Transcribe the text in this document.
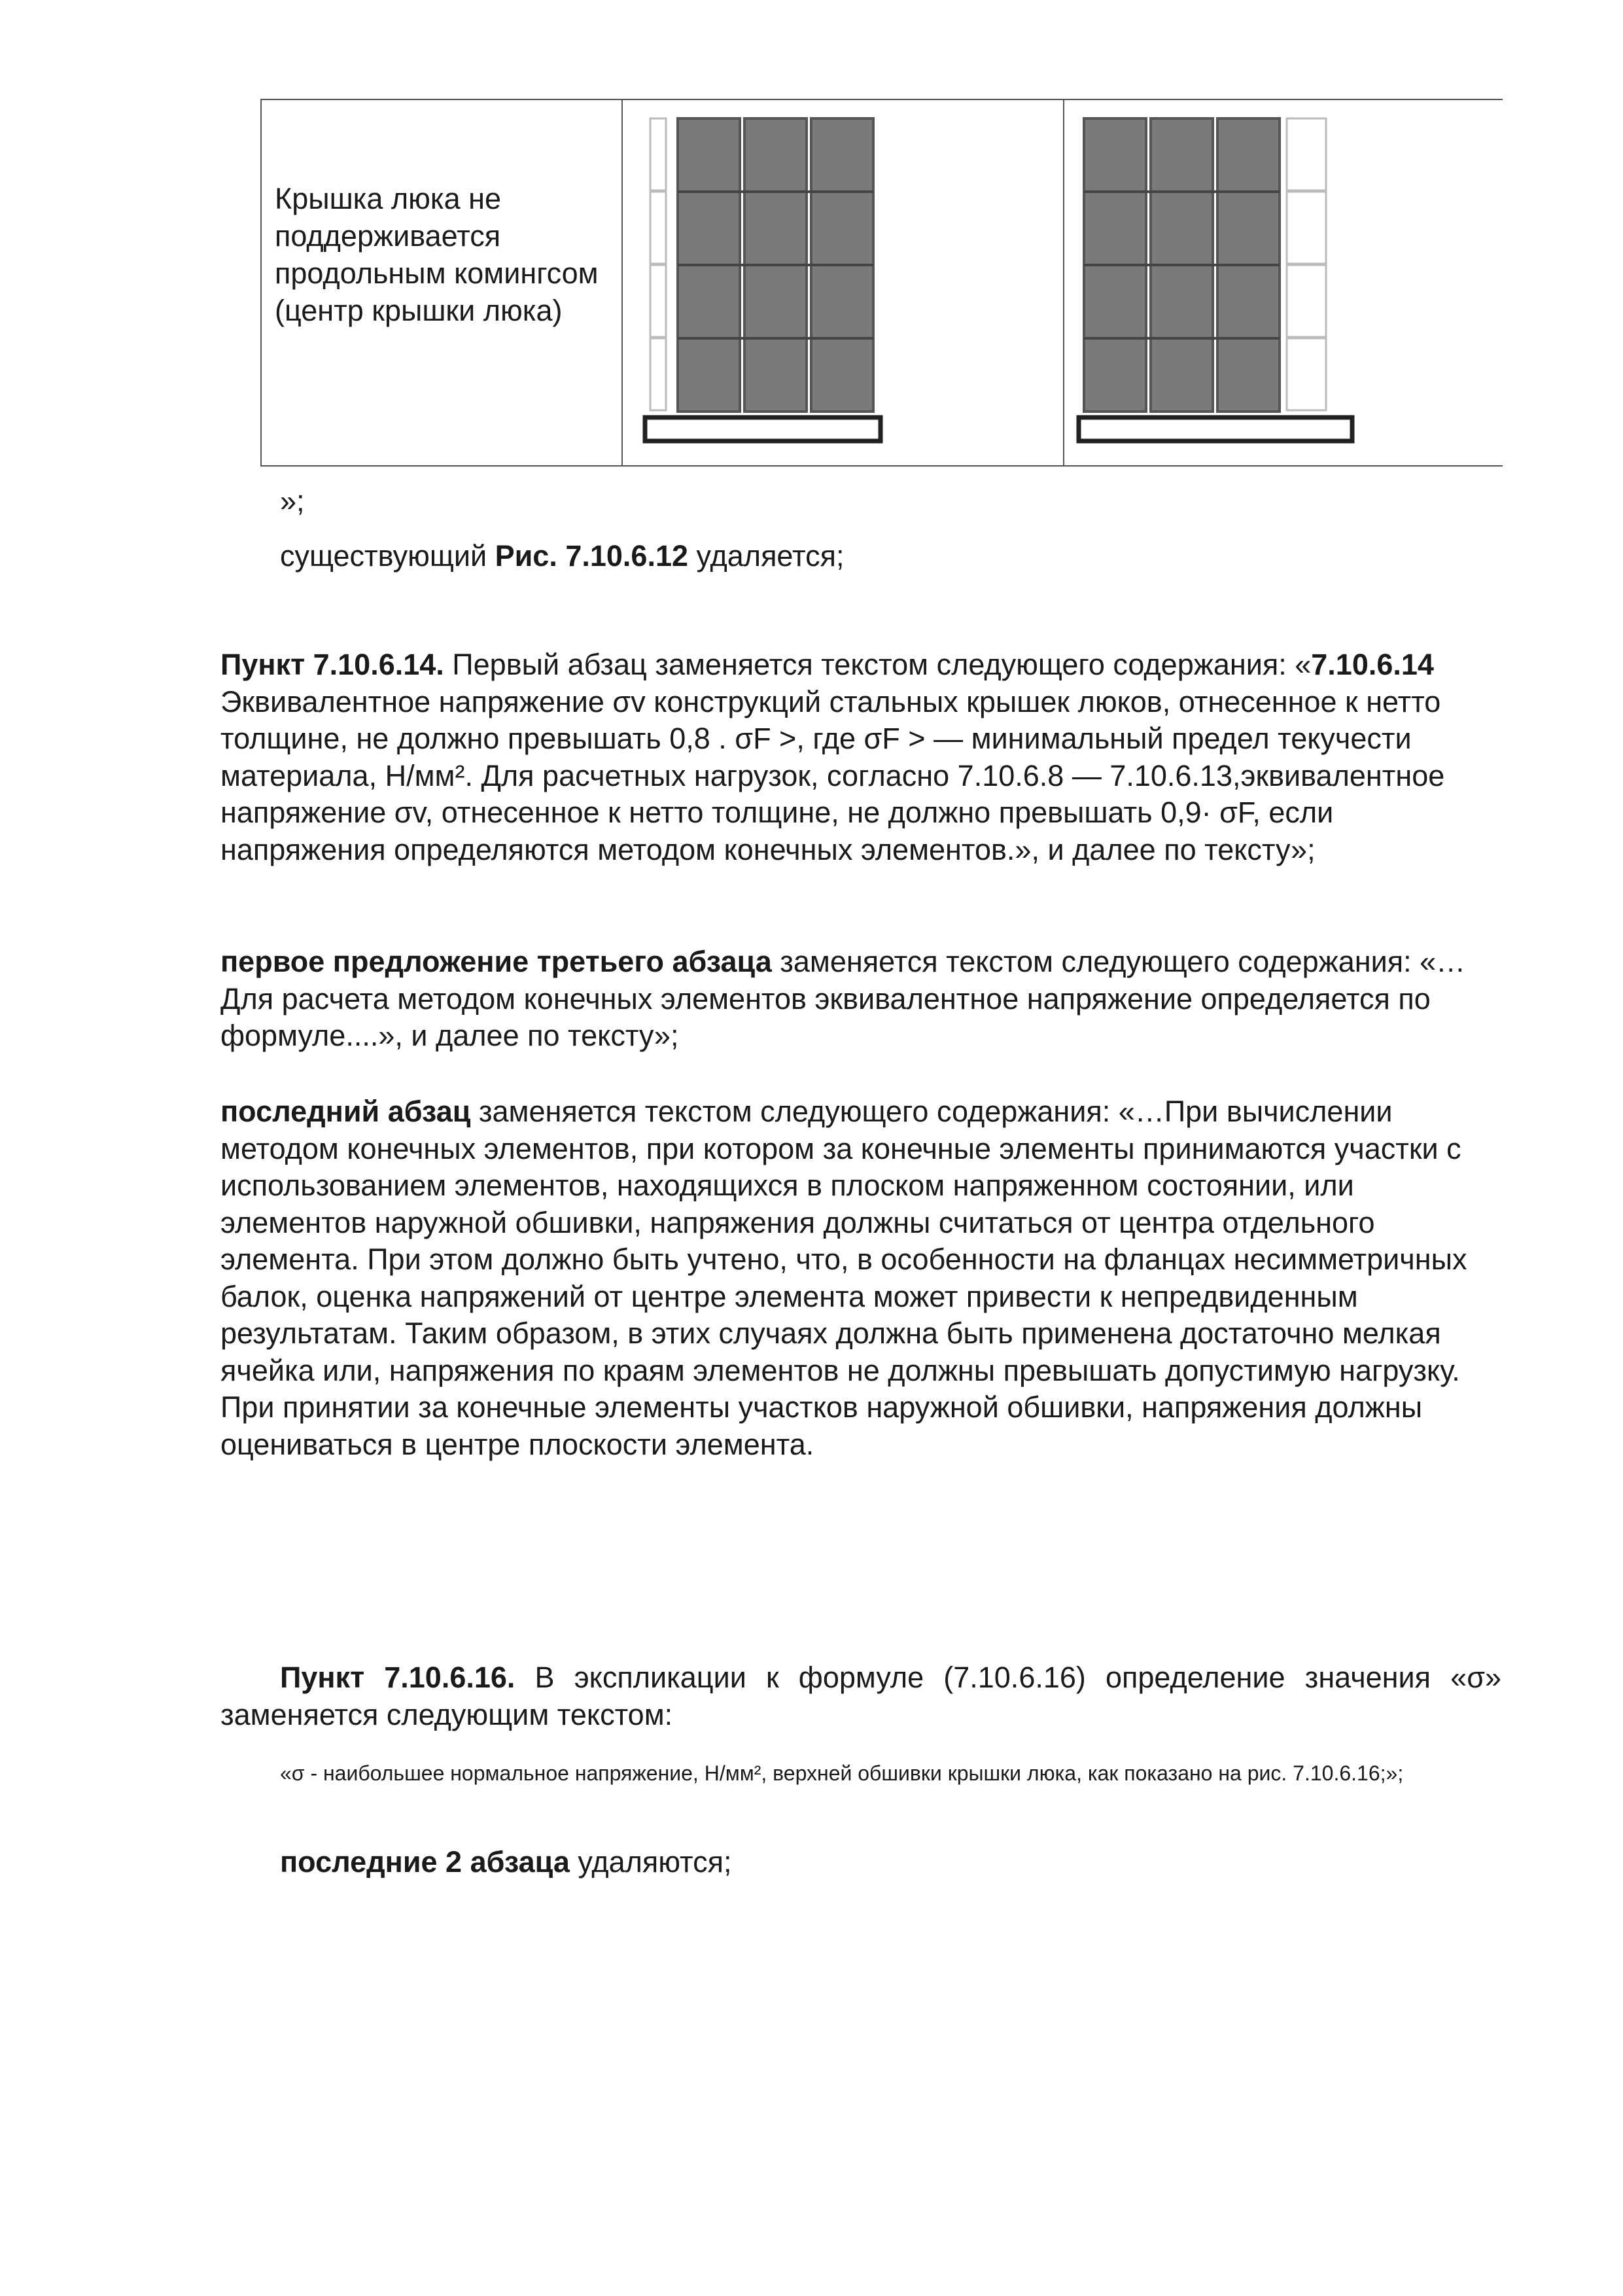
Крышка люка не поддерживается продольным комингсом (центр крышки люка)
»;

существующий Рис. 7.10.6.12 удаляется;

Пункт 7.10.6.14. Первый абзац заменяется текстом следующего содержания: «7.10.6.14 Эквивалентное напряжение σv конструкций стальных крышек люков, отнесенное к нетто толщине, не должно превышать 0,8 . σF >, где σF > — минимальный предел текучести материала, Н/мм². Для расчетных нагрузок, согласно 7.10.6.8 — 7.10.6.13,эквивалентное напряжение σv, отнесенное к нетто толщине, не должно превышать 0,9· σF, если напряжения определяются методом конечных элементов.», и далее по тексту»;

первое предложение третьего абзаца заменяется текстом следующего содержания: «…Для расчета методом конечных элементов эквивалентное напряжение определяется по формуле....», и далее по тексту»;

последний абзац заменяется текстом следующего содержания: «…При вычислении методом конечных элементов, при котором за конечные элементы принимаются участки с использованием элементов, находящихся в плоском напряженном состоянии, или элементов наружной обшивки, напряжения должны считаться от центра отдельного элемента. При этом должно быть учтено, что, в особенности на фланцах несимметричных балок, оценка напряжений от центре элемента может привести к непредвиденным результатам. Таким образом, в этих случаях должна быть применена достаточно мелкая ячейка или, напряжения по краям элементов не должны превышать допустимую нагрузку. При принятии за конечные элементы участков наружной обшивки, напряжения должны оцениваться в центре плоскости элемента.

Пункт 7.10.6.16. В экспликации к формуле (7.10.6.16) определение значения «σ» заменяется следующим текстом:

«σ - наибольшее нормальное напряжение, Н/мм², верхней обшивки крышки люка, как показано на рис. 7.10.6.16;»;

последние 2 абзаца удаляются;
